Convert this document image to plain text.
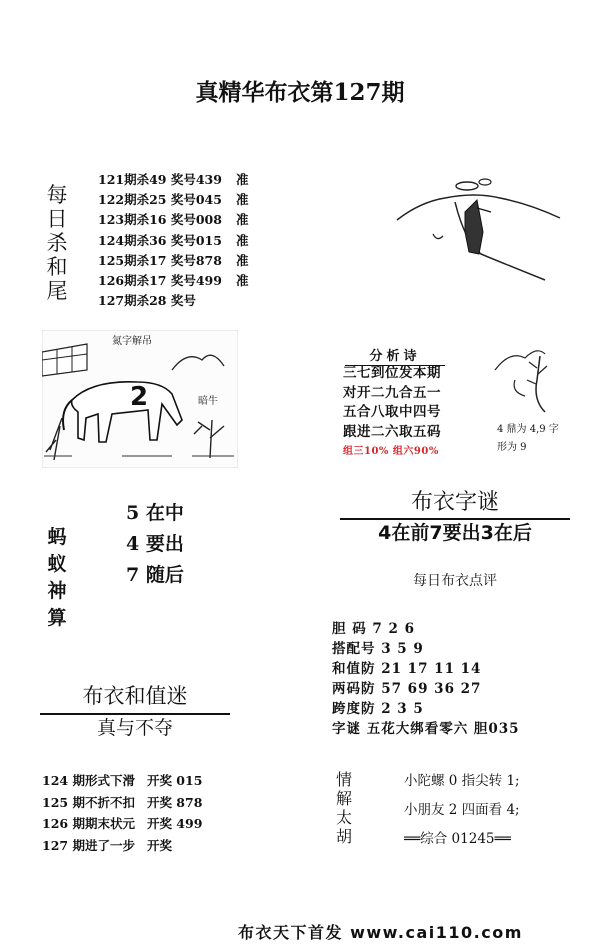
真精华布衣第127期
每
日
杀
和
尾
121期杀49 奖号439 准
122期杀25 奖号045 准
123期杀16 奖号008 准
124期杀36 奖号015 准
125期杀17 奖号878 准
126期杀17 奖号499 准
127期杀28 奖号
2
氮字解吊
暗牛
分析诗
三七到位发本期
对开二九合五一
五合八取中四号
跟进二六取五码
组三10% 组六90%
4 鼎为 4,9 字
形为 9
布衣字谜
4在前7要出3在后
蚂
蚁
神
算
5 在中
4 要出
7 随后	每日布衣点评
胆 码 7 2 6
搭配号 3 5 9
和值防 21 17 11 14
两码防 57 69 36 27
跨度防 2 3 5
字谜 五花大绑看零六 胆035
布衣和值迷
真与不夺
124 期形式下滑 开奖 015
125 期不折不扣 开奖 878
126 期期末状元 开奖 499
127 期进了一步 开奖
情
解
太
胡
小陀螺 0 指尖转 1;
小朋友 2 四面看 4;
══综合 01245══
布衣天下首发 www.cai110.com
